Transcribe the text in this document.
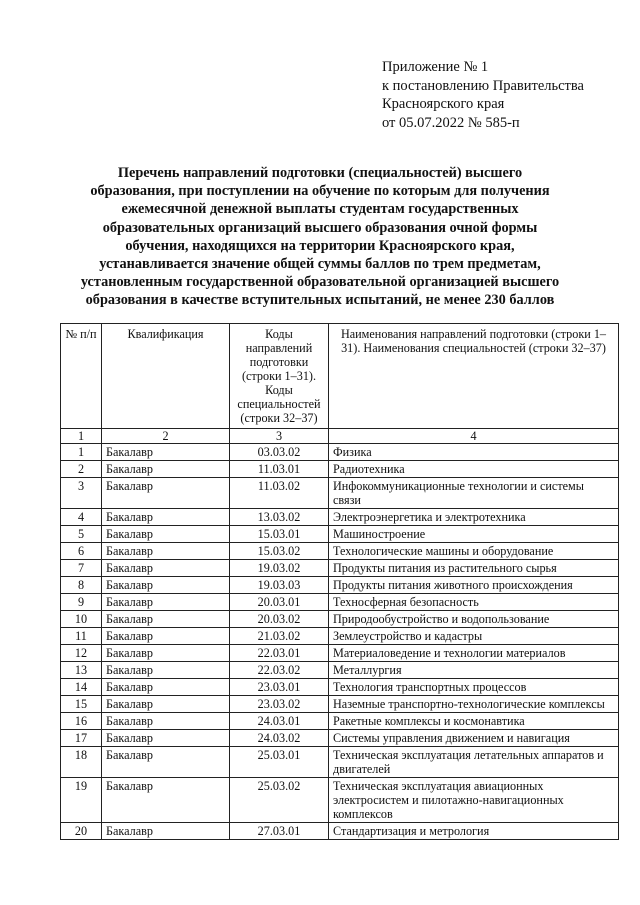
Приложение № 1
к постановлению Правительства
Красноярского края
от 05.07.2022 № 585-п
Перечень направлений подготовки (специальностей) высшего
образования, при поступлении на обучение по которым для получения
ежемесячной денежной выплаты студентам государственных
образовательных организаций высшего образования очной формы
обучения, находящихся на территории Красноярского края,
устанавливается значение общей суммы баллов по трем предметам,
установленным государственной образовательной организацией высшего
образования в качестве вступительных испытаний, не менее 230 баллов
№ п/п	Квалификация	Коды направлений подготовки (строки 1–31). Коды специальностей (строки 32–37)	Наименования направлений подготовки (строки 1–31). Наименования специальностей (строки 32–37)
1	2	3	4
1	Бакалавр	03.03.02	Физика
2	Бакалавр	11.03.01	Радиотехника
3	Бакалавр	11.03.02	Инфокоммуникационные технологии и системы связи
4	Бакалавр	13.03.02	Электроэнергетика и электротехника
5	Бакалавр	15.03.01	Машиностроение
6	Бакалавр	15.03.02	Технологические машины и оборудование
7	Бакалавр	19.03.02	Продукты питания из растительного сырья
8	Бакалавр	19.03.03	Продукты питания животного происхождения
9	Бакалавр	20.03.01	Техносферная безопасность
10	Бакалавр	20.03.02	Природообустройство и водопользование
11	Бакалавр	21.03.02	Землеустройство и кадастры
12	Бакалавр	22.03.01	Материаловедение и технологии материалов
13	Бакалавр	22.03.02	Металлургия
14	Бакалавр	23.03.01	Технология транспортных процессов
15	Бакалавр	23.03.02	Наземные транспортно-технологические комплексы
16	Бакалавр	24.03.01	Ракетные комплексы и космонавтика
17	Бакалавр	24.03.02	Системы управления движением и навигация
18	Бакалавр	25.03.01	Техническая эксплуатация летательных аппаратов и двигателей
19	Бакалавр	25.03.02	Техническая эксплуатация авиационных электросистем и пилотажно-навигационных комплексов
20	Бакалавр	27.03.01	Стандартизация и метрология
